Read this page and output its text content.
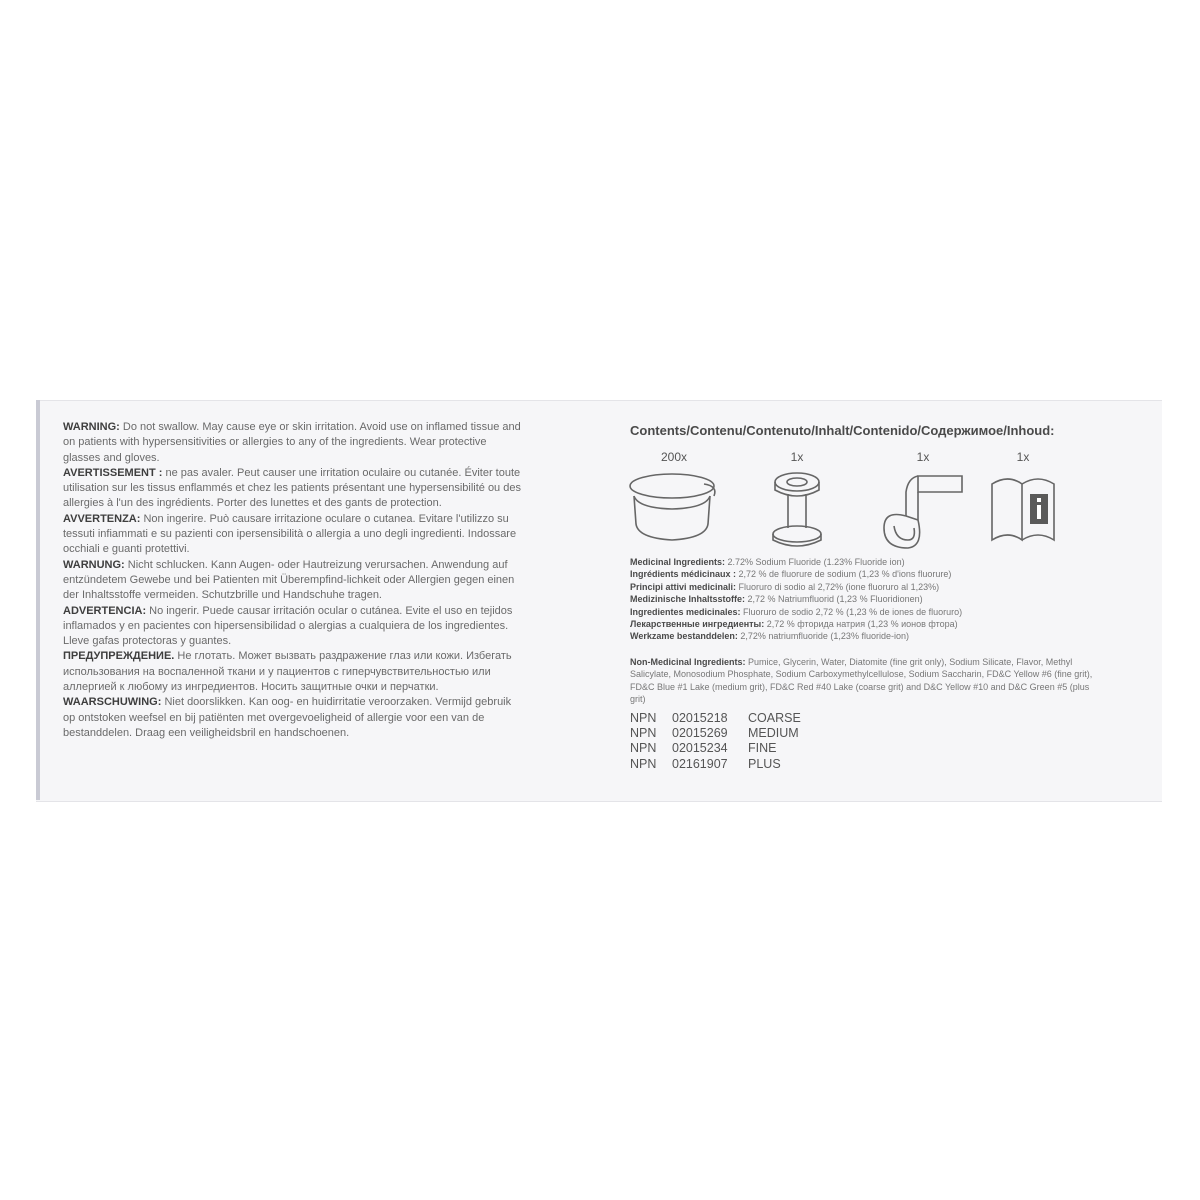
WARNING: Do not swallow. May cause eye or skin irritation. Avoid use on inflamed tissue and on patients with hypersensitivities or allergies to any of the ingredients. Wear protective glasses and gloves.

AVERTISSEMENT : ne pas avaler. Peut causer une irritation oculaire ou cutanée. Éviter toute utilisation sur les tissus enflammés et chez les patients présentant une hypersensibilité ou des allergies à l'un des ingrédients. Porter des lunettes et des gants de protection.

AVVERTENZA: Non ingerire. Può causare irritazione oculare o cutanea. Evitare l'utilizzo su tessuti infiammati e su pazienti con ipersensibilità o allergia a uno degli ingredienti. Indossare occhiali e guanti protettivi.

WARNUNG: Nicht schlucken. Kann Augen- oder Hautreizung verursachen. Anwendung auf entzündetem Gewebe und bei Patienten mit Überempfind-lichkeit oder Allergien gegen einen der Inhaltsstoffe vermeiden. Schutzbrille und Handschuhe tragen.

ADVERTENCIA: No ingerir. Puede causar irritación ocular o cutánea. Evite el uso en tejidos inflamados y en pacientes con hipersensibilidad o alergias a cualquiera de los ingredientes. Lleve gafas protectoras y guantes.

ПРЕДУПРЕЖДЕНИЕ. Не глотать. Может вызвать раздражение глаз или кожи. Избегать использования на воспаленной ткани и у пациентов с гиперчувствительностью или аллергией к любому из ингредиентов. Носить защитные очки и перчатки.

WAARSCHUWING: Niet doorslikken. Kan oog- en huidirritatie veroorzaken. Vermijd gebruik op ontstoken weefsel en bij patiënten met overgevoeligheid of allergie voor een van de bestanddelen. Draag een veiligheidsbril en handschoenen.

Contents/Contenu/Contenuto/Inhalt/Contenido/Содержимое/Inhoud:
200x	1x	1x	1x

Medicinal Ingredients: 2.72% Sodium Fluoride (1.23% Fluoride ion)

Ingrédients médicinaux : 2,72 % de fluorure de sodium (1,23 % d'ions fluorure)

Principi attivi medicinali: Fluoruro di sodio al 2,72% (ione fluoruro al 1,23%)

Medizinische Inhaltsstoffe: 2,72 % Natriumfluorid (1,23 % Fluoridionen)

Ingredientes medicinales: Fluoruro de sodio 2,72 % (1,23 % de iones de fluoruro)

Лекарственные ингредиенты: 2,72 % фторида натрия (1,23 % ионов фтора)

Werkzame bestanddelen: 2,72% natriumfluoride (1,23% fluoride-ion)

Non-Medicinal Ingredients: Pumice, Glycerin, Water, Diatomite (fine grit only), Sodium Silicate, Flavor, Methyl Salicylate, Monosodium Phosphate, Sodium Carboxymethylcellulose, Sodium Saccharin, FD&C Yellow #6 (fine grit), FD&C Blue #1 Lake (medium grit), FD&C Red #40 Lake (coarse grit) and D&C Yellow #10 and D&C Green #5 (plus grit)
NPN 02015218 COARSE
NPN 02015269 MEDIUM
NPN 02015234 FINE
NPN 02161907 PLUS
